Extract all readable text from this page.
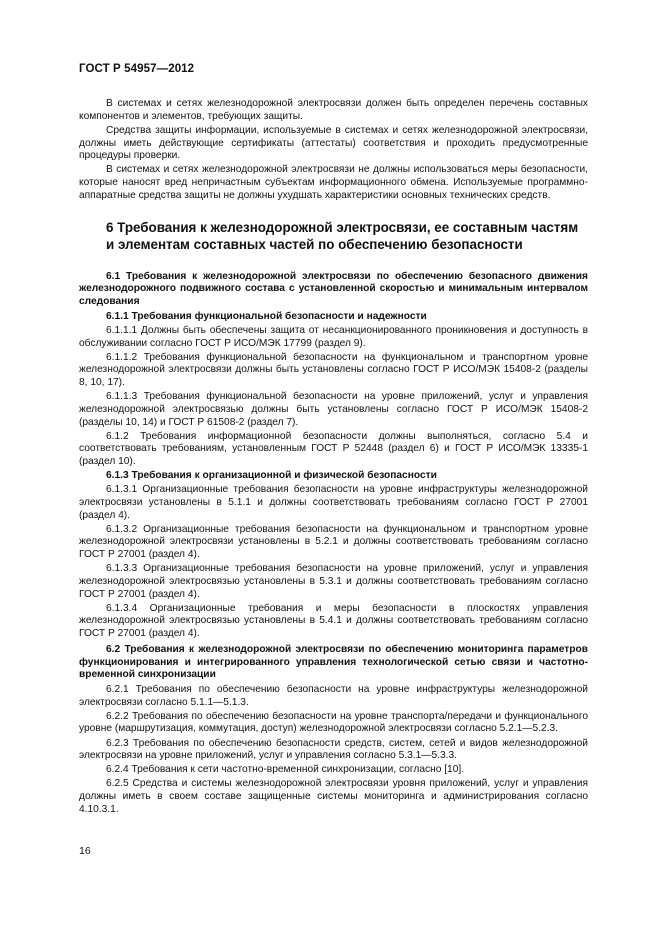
ГОСТ Р 54957—2012

В системах и сетях железнодорожной электросвязи должен быть определен перечень составных компонентов и элементов, требующих защиты.

Средства защиты информации, используемые в системах и сетях железнодорожной электросвязи, должны иметь действующие сертификаты (аттестаты) соответствия и проходить предусмотренные процедуры проверки.

В системах и сетях железнодорожной электросвязи не должны использоваться меры безопасности, которые наносят вред непричастным субъектам информационного обмена. Используемые программно-аппаратные средства защиты не должны ухудшать характеристики основных технических средств.

6 Требования к железнодорожной электросвязи, ее составным частям
и элементам составных частей по обеспечению безопасности

6.1 Требования к железнодорожной электросвязи по обеспечению безопасного движения железнодорожного подвижного состава с установленной скоростью и минимальным интервалом следования

6.1.1 Требования функциональной безопасности и надежности

6.1.1.1 Должны быть обеспечены защита от несанкционированного проникновения и доступность в обслуживании согласно ГОСТ Р ИСО/МЭК 17799 (раздел 9).

6.1.1.2 Требования функциональной безопасности на функциональном и транспортном уровне железнодорожной электросвязи должны быть установлены согласно ГОСТ Р ИСО/МЭК 15408-2 (разделы 8, 10, 17).

6.1.1.3 Требования функциональной безопасности на уровне приложений, услуг и управления железнодорожной электросвязью должны быть установлены согласно ГОСТ Р ИСО/МЭК 15408-2 (разделы 10, 14) и ГОСТ Р 61508-2 (раздел 7).

6.1.2 Требования информационной безопасности должны выполняться, согласно 5.4 и соответствовать требованиям, установленным ГОСТ Р 52448 (раздел 6) и ГОСТ Р ИСО/МЭК 13335-1 (раздел 10).

6.1.3 Требования к организационной и физической безопасности

6.1.3.1 Организационные требования безопасности на уровне инфраструктуры железнодорожной электросвязи установлены в 5.1.1 и должны соответствовать требованиям согласно ГОСТ Р 27001 (раздел 4).

6.1.3.2 Организационные требования безопасности на функциональном и транспортном уровне железнодорожной электросвязи установлены в 5.2.1 и должны соответствовать требованиям согласно ГОСТ Р 27001 (раздел 4).

6.1.3.3 Организационные требования безопасности на уровне приложений, услуг и управления железнодорожной электросвязью установлены в 5.3.1 и должны соответствовать требованиям согласно ГОСТ Р 27001 (раздел 4).

6.1.3.4 Организационные требования и меры безопасности в плоскостях управления железнодорожной электросвязью установлены в 5.4.1 и должны соответствовать требованиям согласно ГОСТ Р 27001 (раздел 4).

6.2 Требования к железнодорожной электросвязи по обеспечению мониторинга параметров функционирования и интегрированного управления технологической сетью связи и частотно-временной синхронизации

6.2.1 Требования по обеспечению безопасности на уровне инфраструктуры железнодорожной электросвязи согласно 5.1.1—5.1.3.

6.2.2 Требования по обеспечению безопасности на уровне транспорта/передачи и функционального уровне (маршрутизация, коммутация, доступ) железнодорожной электросвязи согласно 5.2.1—5.2.3.

6.2.3 Требования по обеспечению безопасности средств, систем, сетей и видов железнодорожной электросвязи на уровне приложений, услуг и управления согласно 5.3.1—5.3.3.

6.2.4 Требования к сети частотно-временной синхронизации, согласно [10].

6.2.5 Средства и системы железнодорожной электросвязи уровня приложений, услуг и управления должны иметь в своем составе защищенные системы мониторинга и администрирования согласно 4.10.3.1.

16
